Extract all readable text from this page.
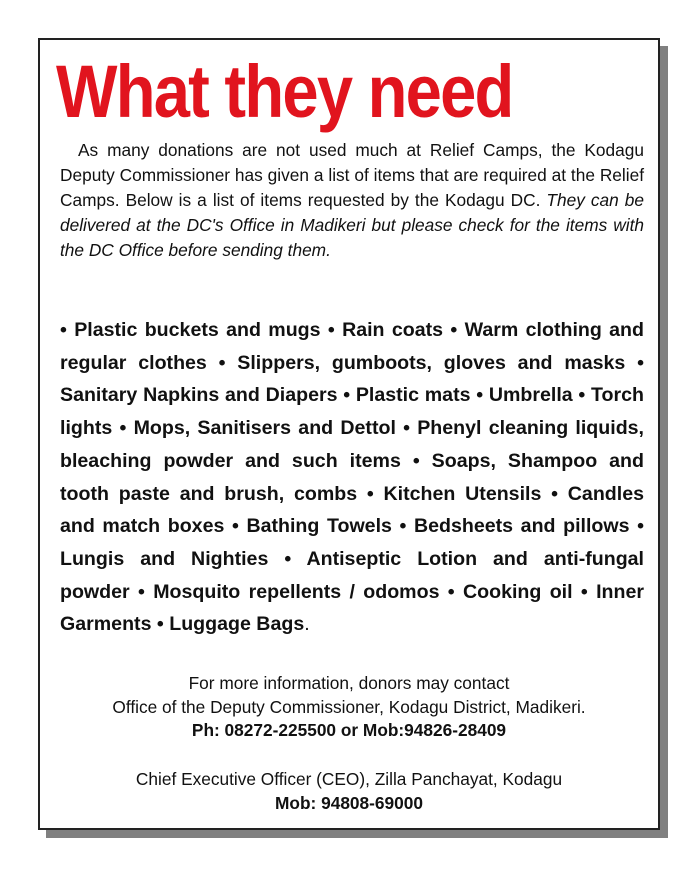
What they need

As many donations are not used much at Relief Camps, the Kodagu Deputy Commissioner has given a list of items that are required at the Relief Camps. Below is a list of items requested by the Kodagu DC. They can be delivered at the DC's Office in Madikeri but please check for the items with the DC Office before sending them.

• Plastic buckets and mugs • Rain coats • Warm clothing and regular clothes • Slippers, gumboots, gloves and masks • Sanitary Napkins and Diapers • Plastic mats • Umbrella • Torch lights • Mops, Sanitisers and Dettol • Phenyl cleaning liquids, bleaching powder and such items • Soaps, Shampoo and tooth paste and brush, combs • Kitchen Utensils • Candles and match boxes • Bathing Towels • Bedsheets and pillows • Lungis and Nighties • Antiseptic Lotion and anti-fungal powder • Mosquito repellents / odomos • Cooking oil • Inner Garments • Luggage Bags.

For more information, donors may contact
Office of the Deputy Commissioner, Kodagu District, Madikeri.
Ph: 08272-225500 or Mob:94826-28409

Chief Executive Officer (CEO), Zilla Panchayat, Kodagu
Mob: 94808-69000
